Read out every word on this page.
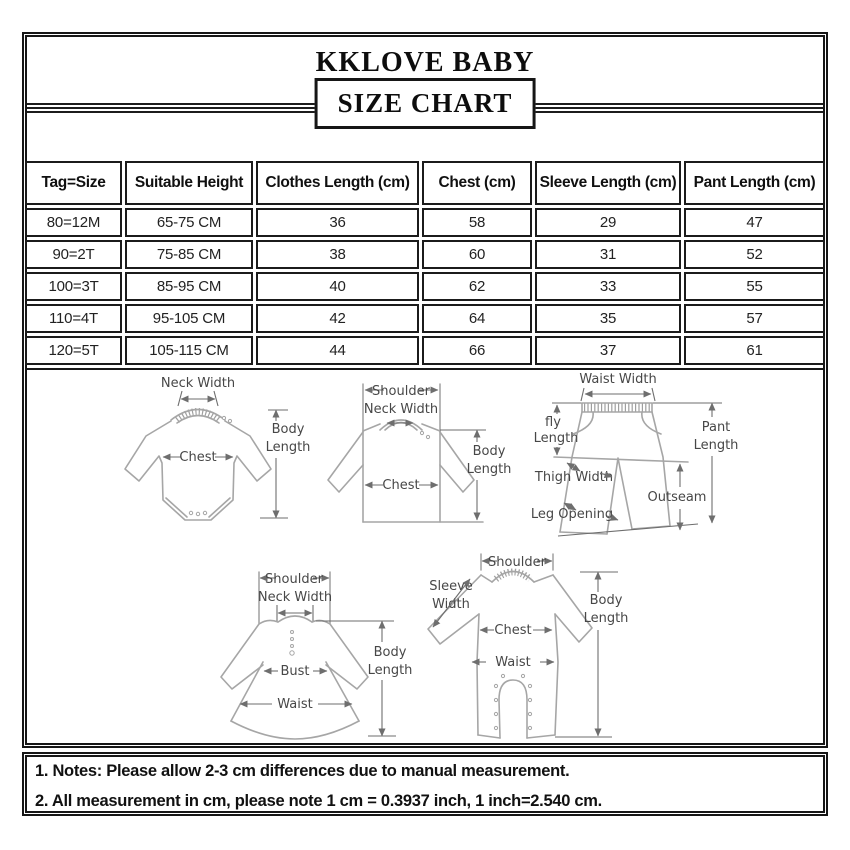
KKLOVE BABY
SIZE CHART
Tag=Size	Suitable Height	Clothes Length (cm)	Chest (cm)	Sleeve Length (cm)	Pant Length (cm)
80=12M	65-75 CM	36	58	29	47
90=2T	75-85 CM	38	60	31	52
100=3T	85-95 CM	40	62	33	55
110=4T	95-105 CM	42	64	35	57
120=5T	105-115 CM	44	66	37	61
Neck Width
Chest
Body
Length
Shoulder
Neck Width
Chest
Body
Length
Waist Width
fly
Length
Thigh Width
Outseam
Leg Opening
Pant
Length
Shoulder
Neck Width
Bust
Waist
Body
Length
Shoulder
Sleeve
Width
Chest
Waist
Body
Length
1. Notes: Please allow 2-3 cm differences due to manual measurement.
2. All measurement in cm, please note 1 cm = 0.3937 inch, 1 inch=2.540 cm.
